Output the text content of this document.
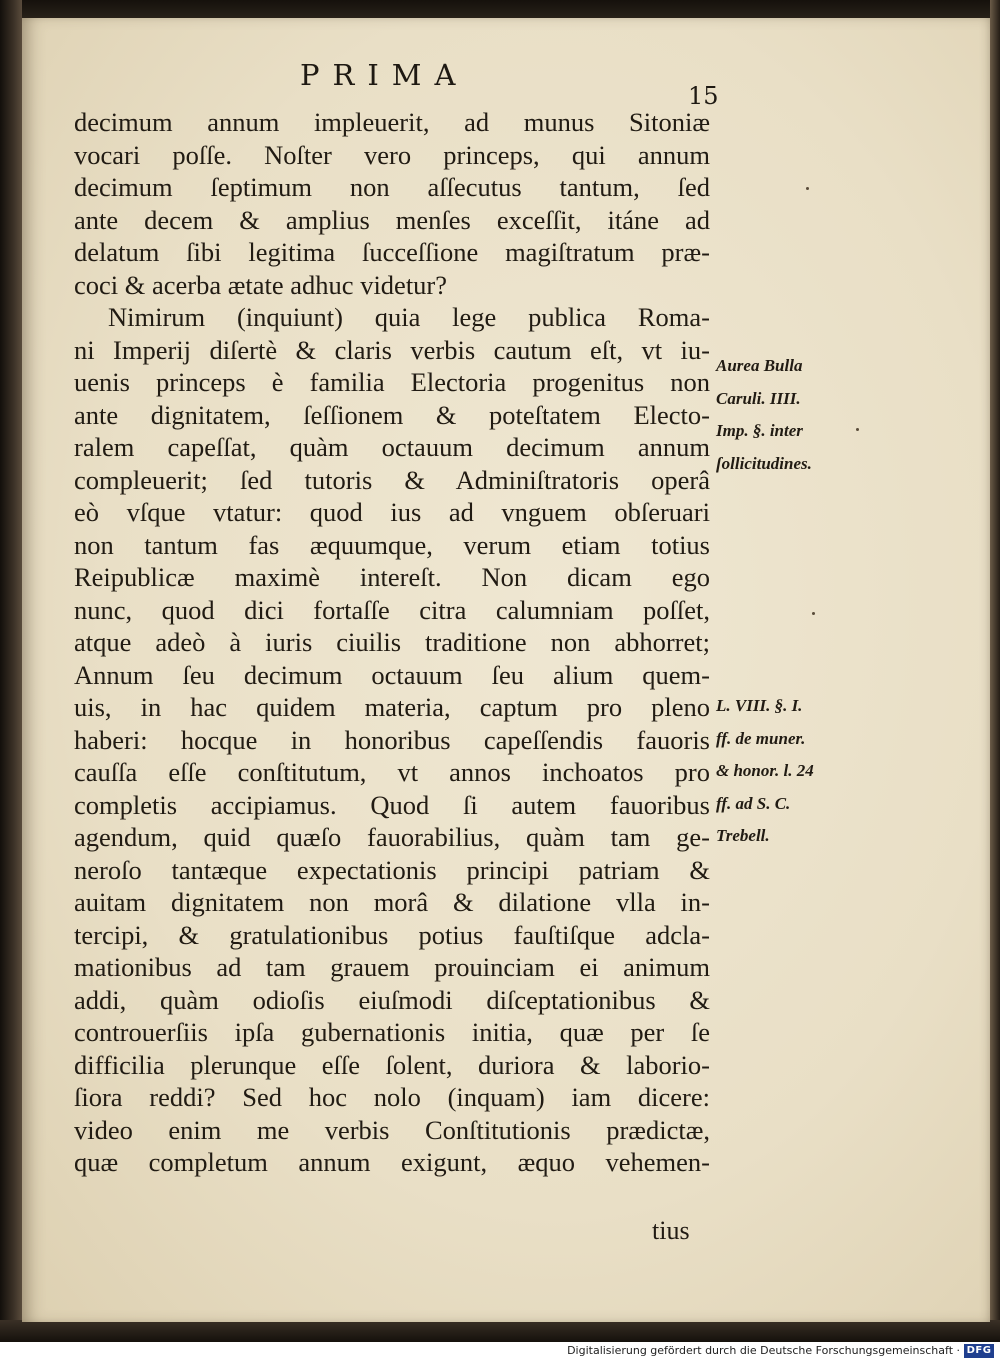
PRIMA
15
decimum annum impleuerit, ad munus Sitoniæ
vocari poſſe. Noſter vero princeps, qui annum
decimum ſeptimum non aſſecutus tantum, ſed
ante decem & amplius menſes exceſſit, itáne ad
delatum ſibi legitima ſucceſſione magiſtratum præ-
coci & acerba ætate adhuc videtur?
Nimirum (inquiunt) quia lege publica Roma-
ni Imperij diſertè & claris verbis cautum eſt, vt iu-
uenis princeps è familia Electoria progenitus non
ante dignitatem, ſeſſionem & poteſtatem Electo-
ralem capeſſat, quàm octauum decimum annum
compleuerit; ſed tutoris & Adminiſtratoris operâ
eò vſque vtatur: quod ius ad vnguem obſeruari
non tantum fas æquumque, verum etiam totius
Reipublicæ maximè intereſt. Non dicam ego
nunc, quod dici fortaſſe citra calumniam poſſet,
atque adeò à iuris ciuilis traditione non abhorret;
Annum ſeu decimum octauum ſeu alium quem-
uis, in hac quidem materia, captum pro pleno
haberi: hocque in honoribus capeſſendis fauoris
cauſſa eſſe conſtitutum, vt annos inchoatos pro
completis accipiamus. Quod ſi autem fauoribus
agendum, quid quæſo fauorabilius, quàm tam ge-
neroſo tantæque expectationis principi patriam &
auitam dignitatem non morâ & dilatione vlla in-
tercipi, & gratulationibus potius fauſtiſque adcla-
mationibus ad tam grauem prouinciam ei animum
addi, quàm odioſis eiuſmodi diſceptationibus &
controuerſiis ipſa gubernationis initia, quæ per ſe
difficilia plerunque eſſe ſolent, duriora & laborio-
ſiora reddi? Sed hoc nolo (inquam) iam dicere:
video enim me verbis Conſtitutionis prædictæ,
quæ completum annum exigunt, æquo vehemen-
tius
Aurea Bulla
Caruli. IIII.
Imp. §. inter
ſollicitudines.
L. VIII. §. I.
ff. de muner.
& honor. l. 24
ff. ad S. C.
Trebell.
Digitalisierung gefördert durch die Deutsche Forschungsgemeinschaft · DFG
